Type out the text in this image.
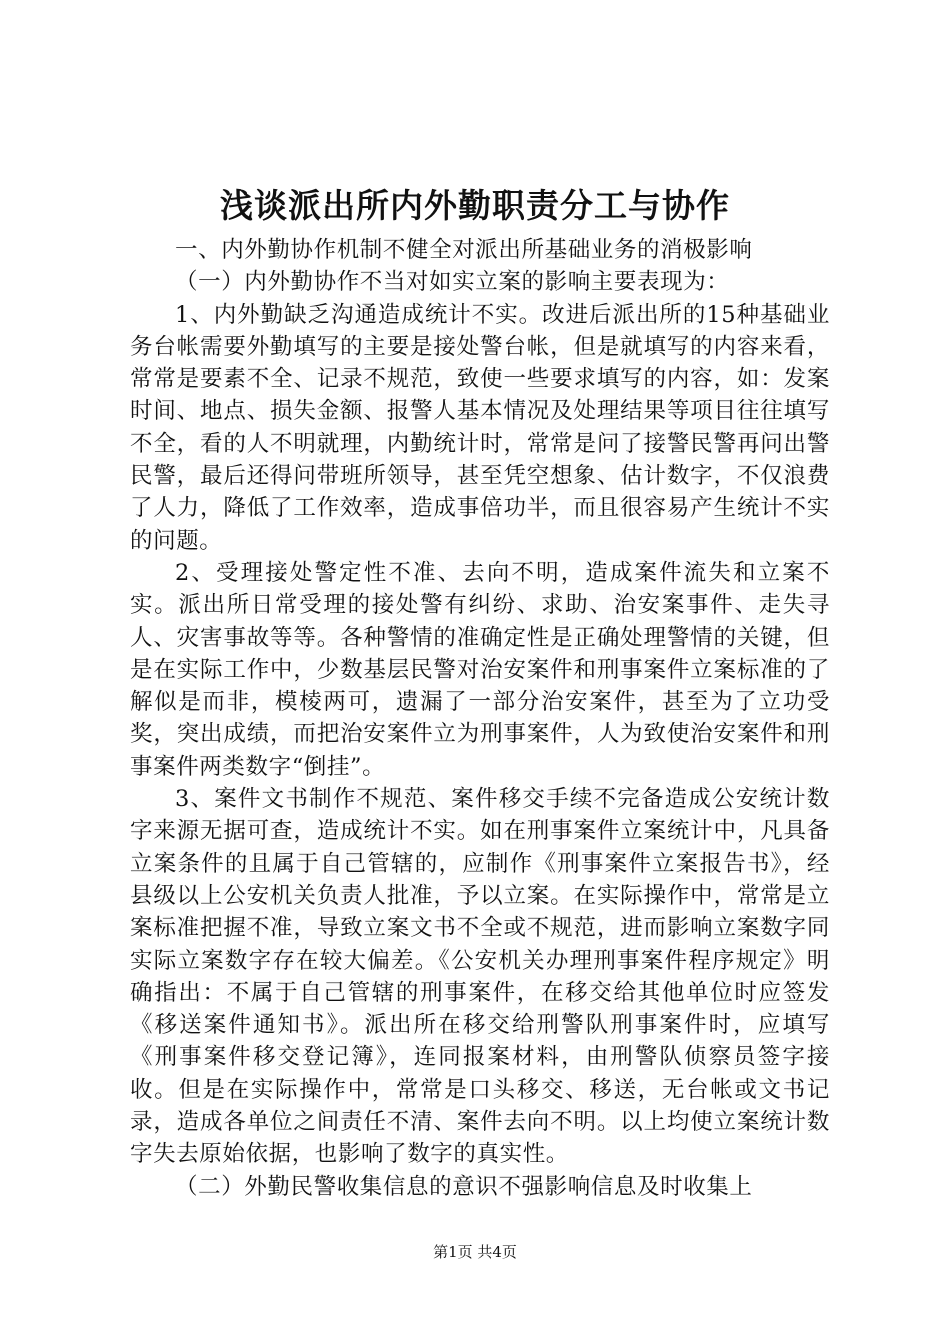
浅谈派出所内外勤职责分工与协作

一、内外勤协作机制不健全对派出所基础业务的消极影响

（一）内外勤协作不当对如实立案的影响主要表现为：

1、内外勤缺乏沟通造成统计不实。改进后派出所的15种基础业务台帐需要外勤填写的主要是接处警台帐，但是就填写的内容来看，常常是要素不全、记录不规范，致使一些要求填写的内容，如：发案时间、地点、损失金额、报警人基本情况及处理结果等项目往往填写不全，看的人不明就理，内勤统计时，常常是问了接警民警再问出警民警，最后还得问带班所领导，甚至凭空想象、估计数字，不仅浪费了人力，降低了工作效率，造成事倍功半，而且很容易产生统计不实的问题。

2、受理接处警定性不准、去向不明，造成案件流失和立案不实。派出所日常受理的接处警有纠纷、求助、治安案事件、走失寻人、灾害事故等等。各种警情的准确定性是正确处理警情的关键，但是在实际工作中，少数基层民警对治安案件和刑事案件立案标准的了解似是而非，模棱两可，遗漏了一部分治安案件，甚至为了立功受奖，突出成绩，而把治安案件立为刑事案件，人为致使治安案件和刑事案件两类数字“倒挂”。

3、案件文书制作不规范、案件移交手续不完备造成公安统计数字来源无据可查，造成统计不实。如在刑事案件立案统计中，凡具备立案条件的且属于自己管辖的，应制作《刑事案件立案报告书》，经县级以上公安机关负责人批准，予以立案。在实际操作中，常常是立案标准把握不准，导致立案文书不全或不规范，进而影响立案数字同实际立案数字存在较大偏差。《公安机关办理刑事案件程序规定》明确指出：不属于自己管辖的刑事案件，在移交给其他单位时应签发《移送案件通知书》。派出所在移交给刑警队刑事案件时，应填写《刑事案件移交登记簿》，连同报案材料，由刑警队侦察员签字接收。但是在实际操作中，常常是口头移交、移送，无台帐或文书记录，造成各单位之间责任不清、案件去向不明。以上均使立案统计数字失去原始依据，也影响了数字的真实性。

（二）外勤民警收集信息的意识不强影响信息及时收集上

第1页 共4页
